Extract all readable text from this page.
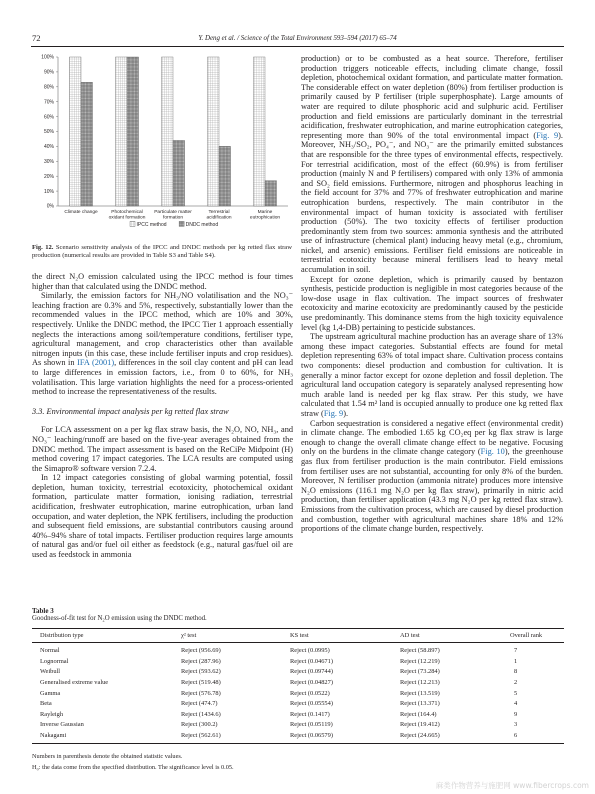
72	Y. Deng et al. / Science of the Total Environment 593–594 (2017) 65–74
0%
10%
20%
30%
40%
50%
60%
70%
80%
90%
100%
Climate change	Photochemical oxidant formation
Particulate matter formation
Terrestrial acidification
Marine eutrophication
IPCC method	DNDC method
Fig. 12. Scenario sensitivity analysis of the IPCC and DNDC methods per kg retted flax straw production (numerical results are provided in Table S3 and Table S4).

the direct N₂O emission calculated using the IPCC method is four times higher than that calculated using the DNDC method.

Similarly, the emission factors for NH₃/NO volatilisation and the NO₃⁻ leaching fraction are 0.3% and 5%, respectively, substantially lower than the recommended values in the IPCC method, which are 10% and 30%, respectively. Unlike the DNDC method, the IPCC Tier 1 approach essentially neglects the interactions among soil/temperature conditions, fertiliser type, agricultural management, and crop characteristics other than available nitrogen inputs (in this case, these include fertiliser inputs and crop residues). As shown in IFA (2001), differences in the soil clay content and pH can lead to large differences in emission factors, i.e., from 0 to 60%, for NH₃ volatilisation. This large variation highlights the need for a process-oriented method to increase the representativeness of the results.

3.3. Environmental impact analysis per kg retted flax straw

For LCA assessment on a per kg flax straw basis, the N₂O, NO, NH₃, and NO₃⁻ leaching/runoff are based on the five-year averages obtained from the DNDC method. The impact assessment is based on the ReCiPe Midpoint (H) method covering 17 impact categories. The LCA results are computed using the Simapro® software version 7.2.4.

In 12 impact categories consisting of global warming potential, fossil depletion, human toxicity, terrestrial ecotoxicity, photochemical oxidant formation, particulate matter formation, ionising radiation, terrestrial acidification, freshwater eutrophication, marine eutrophication, urban land occupation, and water depletion, the NPK fertilisers, including the production and subsequent field emissions, are substantial contributors causing around 40%–94% share of total impacts. Fertiliser production requires large amounts of natural gas and/or fuel oil either as feedstock (e.g., natural gas/fuel oil are used as feedstock in ammonia

production) or to be combusted as a heat source. Therefore, fertiliser production triggers noticeable effects, including climate change, fossil depletion, photochemical oxidant formation, and particulate matter formation. The considerable effect on water depletion (80%) from fertiliser production is primarily caused by P fertiliser (triple superphosphate). Large amounts of water are required to dilute phosphoric acid and sulphuric acid. Fertiliser production and field emissions are particularly dominant in the terrestrial acidification, freshwater eutrophication, and marine eutrophication categories, representing more than 90% of the total environmental impact (Fig. 9). Moreover, NH₃/SO₂, PO₄⁻, and NO₃⁻ are the primarily emitted substances that are responsible for the three types of environmental effects, respectively. For terrestrial acidification, most of the effect (60.9%) is from fertiliser production (mainly N and P fertilisers) compared with only 13% of ammonia and SO₂ field emissions. Furthermore, nitrogen and phosphorus leaching in the field account for 37% and 77% of freshwater eutrophication and marine eutrophication burdens, respectively. The main contributor in the environmental impact of human toxicity is associated with fertiliser production (50%). The two toxicity effects of fertiliser production predominantly stem from two sources: ammonia synthesis and the attributed use of infrastructure (chemical plant) inducing heavy metal (e.g., chromium, nickel, and arsenic) emissions. Fertiliser field emissions are noticeable in terrestrial ecotoxicity because mineral fertilisers lead to heavy metal accumulation in soil.

Except for ozone depletion, which is primarily caused by bentazon synthesis, pesticide production is negligible in most categories because of the low-dose usage in flax cultivation. The impact sources of freshwater ecotoxicity and marine ecotoxicity are predominantly caused by the pesticide use predominantly. This dominance stems from the high toxicity equivalence level (kg 1,4-DB) pertaining to pesticide substances.

The upstream agricultural machine production has an average share of 13% among these impact categories. Substantial effects are found for metal depletion representing 63% of total impact share. Cultivation process contains two components: diesel production and combustion for cultivation. It is generally a minor factor except for ozone depletion and fossil depletion. The agricultural land occupation category is separately analysed representing how much arable land is needed per kg flax straw. Per this study, we have calculated that 1.54 m² land is occupied annually to produce one kg retted flax straw (Fig. 9).

Carbon sequestration is considered a negative effect (environmental credit) in climate change. The embodied 1.65 kg CO₂eq per kg flax straw is large enough to change the overall climate change effect to be negative. Focusing only on the burdens in the climate change category (Fig. 10), the greenhouse gas flux from fertiliser production is the main contributor. Field emissions from fertiliser uses are not substantial, accounting for only 8% of the burden. Moreover, N fertiliser production (ammonia nitrate) produces more intensive N₂O emissions (116.1 mg N₂O per kg flax straw), primarily in nitric acid production, than fertiliser application (43.3 mg N₂O per kg retted flax straw). Emissions from the cultivation process, which are caused by diesel production and combustion, together with agricultural machines share 18% and 12% proportions of the climate change burden, respectively.

Table 3
Goodness-of-fit test for N₂O emission using the DNDC method.
Distribution type	χ² test	KS test	AD test	Overall rank
Normal	Reject (956.69)	Reject (0.0995)	Reject (58.897)	7
Lognormal	Reject (287.96)	Reject (0.04671)	Reject (12.219)	1
Weibull	Reject (593.62)	Reject (0.09744)	Reject (73.284)	8
Generalised extreme value	Reject (519.48)	Reject (0.04827)	Reject (12.213)	2
Gamma	Reject (576.78)	Reject (0.0522)	Reject (13.519)	5
Beta	Reject (474.7)	Reject (0.05554)	Reject (13.371)	4
Rayleigh	Reject (1434.6)	Reject (0.1417)	Reject (164.4)	9
Inverse Gaussian	Reject (300.2)	Reject (0.05119)	Reject (19.412)	3
Nakagami	Reject (562.61)	Reject (0.06579)	Reject (24.665)	6
Numbers in parenthesis denote the obtained statistic values.
H₀: the data come from the specified distribution. The significance level is 0.05.
麻类作物营养与施肥网 www.fibercrops.com
